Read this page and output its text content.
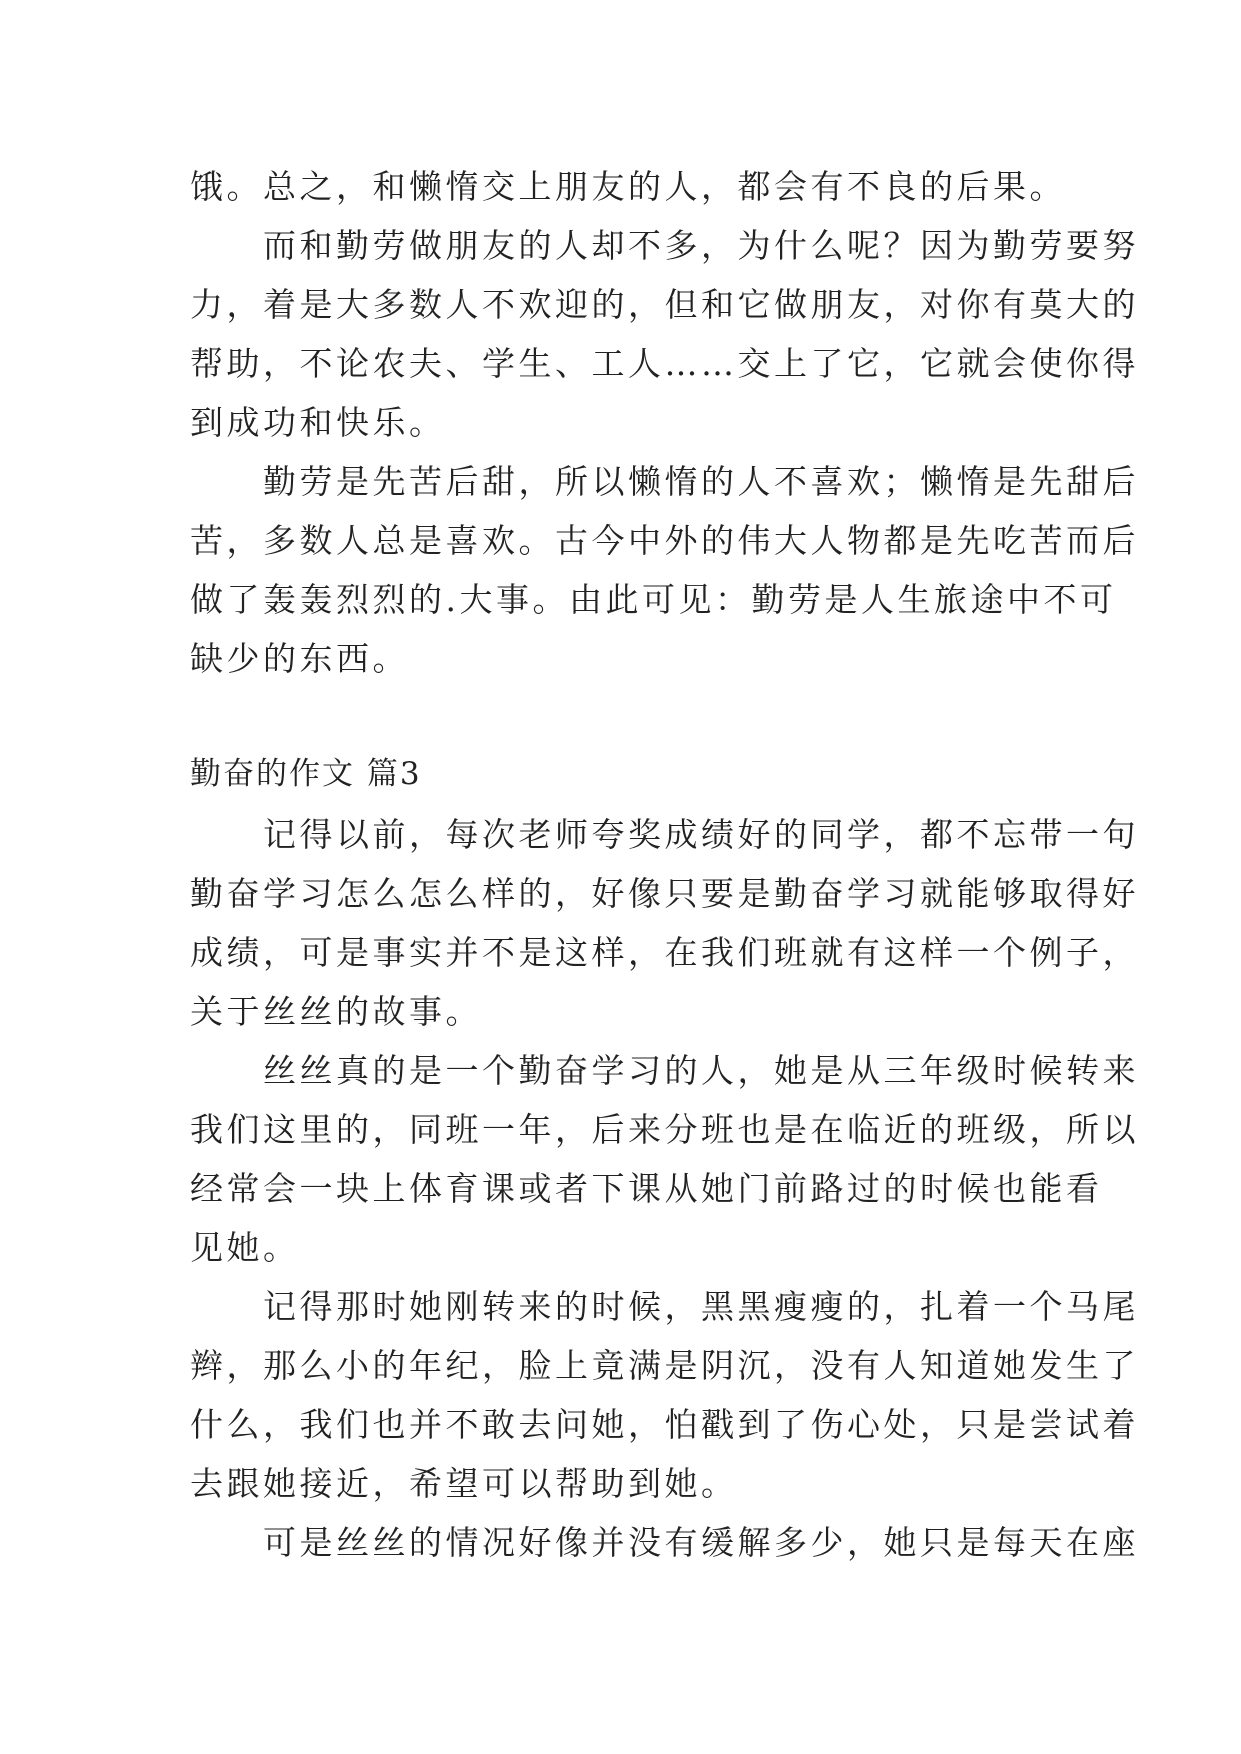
饿。总之，和懒惰交上朋友的人，都会有不良的后果。
　　而和勤劳做朋友的人却不多，为什么呢？因为勤劳要努
力，着是大多数人不欢迎的，但和它做朋友，对你有莫大的
帮助，不论农夫、学生、工人……交上了它，它就会使你得
到成功和快乐。
　　勤劳是先苦后甜，所以懒惰的人不喜欢；懒惰是先甜后
苦，多数人总是喜欢。古今中外的伟大人物都是先吃苦而后
做了轰轰烈烈的.大事。由此可见：勤劳是人生旅途中不可
缺少的东西。
勤奋的作文 篇3
　　记得以前，每次老师夸奖成绩好的同学，都不忘带一句
勤奋学习怎么怎么样的，好像只要是勤奋学习就能够取得好
成绩，可是事实并不是这样，在我们班就有这样一个例子，
关于丝丝的故事。
　　丝丝真的是一个勤奋学习的人，她是从三年级时候转来
我们这里的，同班一年，后来分班也是在临近的班级，所以
经常会一块上体育课或者下课从她门前路过的时候也能看
见她。
　　记得那时她刚转来的时候，黑黑瘦瘦的，扎着一个马尾
辫，那么小的年纪，脸上竟满是阴沉，没有人知道她发生了
什么，我们也并不敢去问她，怕戳到了伤心处，只是尝试着
去跟她接近，希望可以帮助到她。
　　可是丝丝的情况好像并没有缓解多少，她只是每天在座
